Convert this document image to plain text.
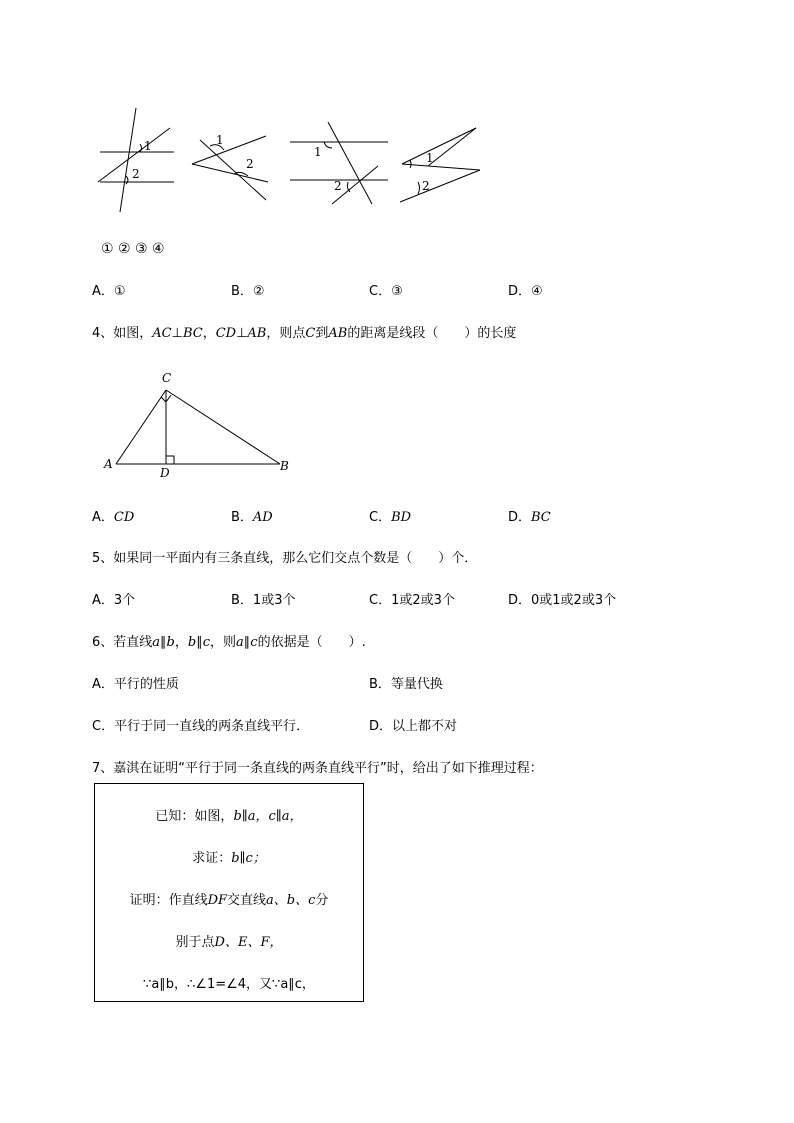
1
2
1
2
1
2
1
2
① ② ③ ④
A．①	B．②	C．③	D．④
4、如图，AC⊥BC，CD⊥AB，则点C到AB的距离是线段（　　）的长度
C
A
D	B
A．CD	B．AD	C．BD	D．BC
5、如果同一平面内有三条直线，那么它们交点个数是（　　）个．
A．3个	B．1或3个	C．1或2或3个	D．0或1或2或3个
6、若直线a∥b，b∥c，则a∥c的依据是（　　）.
A．平行的性质	B．等量代换
C．平行于同一直线的两条直线平行．	D．以上都不对
7、嘉淇在证明“平行于同一条直线的两条直线平行”时，给出了如下推理过程：
已知：如图，b∥a，c∥a，
求证：b∥c；
证明：作直线DF交直线a、b、c分
别于点D、E、F，
∵a∥b，∴∠1=∠4，又∵a∥c，
